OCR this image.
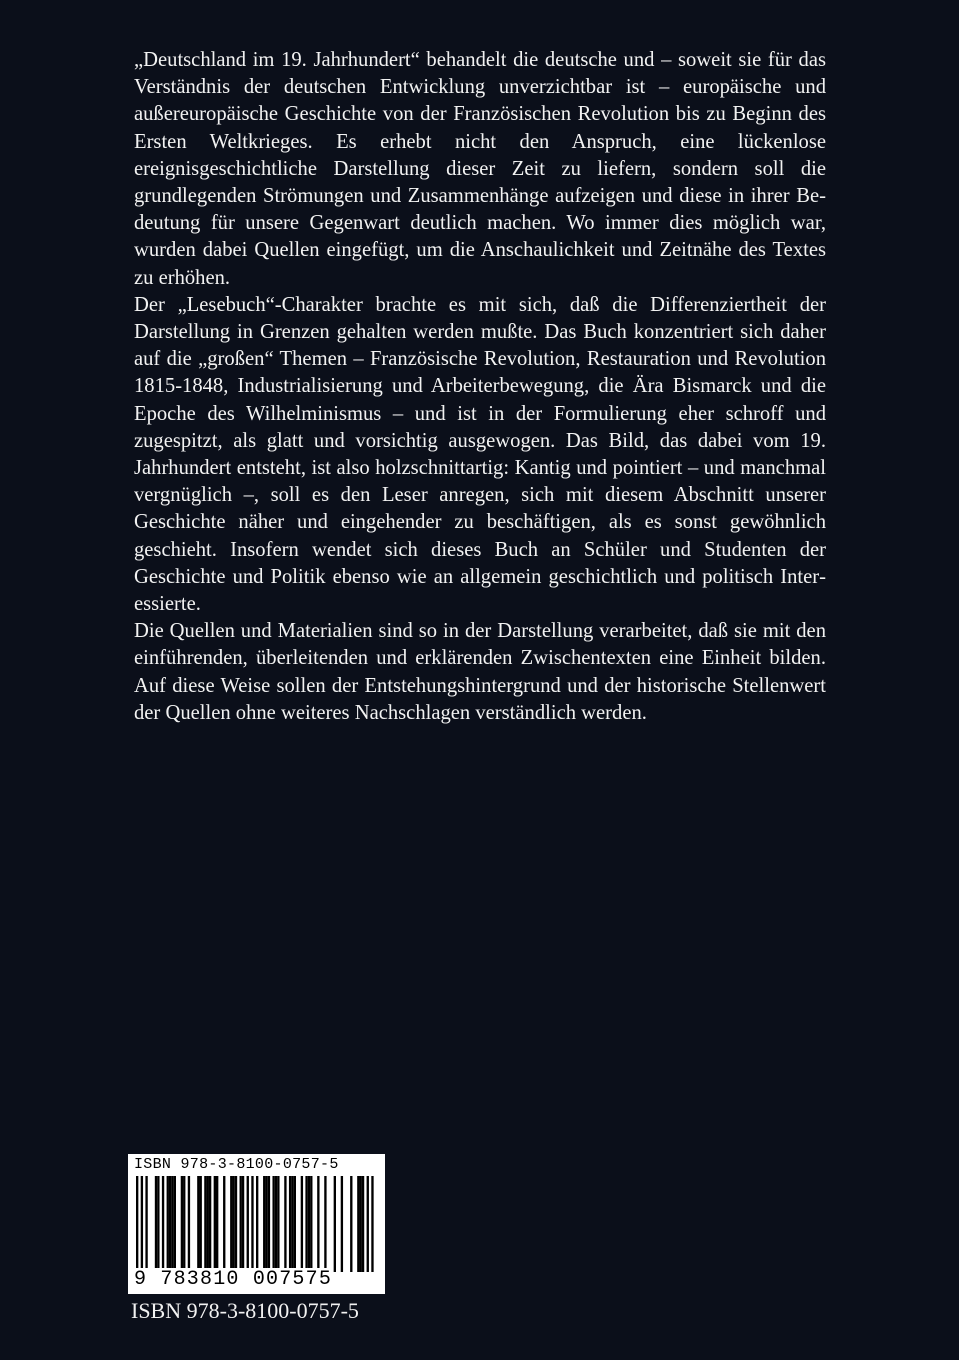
„Deutschland im 19. Jahrhundert“ behandelt die deutsche und – soweit sie für das Verständnis der deutschen Entwicklung unverzichtbar ist – europäische und außereuropäische Geschichte von der Französischen Revolution bis zu Beginn des Ersten Weltkrieges. Es erhebt nicht den Anspruch, eine lückenlose ereignisgeschichtliche Darstellung dieser Zeit zu liefern, sondern soll die grundlegenden Strömungen und Zusammenhänge aufzeigen und diese in ihrer Bedeutung für unsere Gegenwart deutlich machen. Wo immer dies möglich war, wurden dabei Quellen eingefügt, um die Anschaulichkeit und Zeitnähe des Textes zu erhöhen.

Der „Lesebuch“-Charakter brachte es mit sich, daß die Differenziertheit der Darstellung in Grenzen gehalten werden mußte. Das Buch konzentriert sich daher auf die „großen“ Themen – Französische Revolution, Restauration und Revolution 1815-1848, Industrialisierung und Arbeiterbewegung, die Ära Bismarck und die Epoche des Wilhelminismus – und ist in der Formulierung eher schroff und zugespitzt, als glatt und vorsichtig ausgewogen. Das Bild, das dabei vom 19. Jahrhundert entsteht, ist also holzschnittartig: Kantig und pointiert – und manchmal vergnüglich –, soll es den Leser anregen, sich mit diesem Abschnitt unserer Geschichte näher und eingehender zu beschäftigen, als es sonst gewöhnlich geschieht. Insofern wendet sich dieses Buch an Schüler und Studenten der Geschichte und Politik ebenso wie an allgemein geschichtlich und politisch Interessierte.

Die Quellen und Materialien sind so in der Darstellung verarbeitet, daß sie mit den einführenden, überleitenden und erklärenden Zwischentexten eine Einheit bilden. Auf diese Weise sollen der Entstehungshintergrund und der historische Stellenwert der Quellen ohne weiteres Nachschlagen verständlich werden.

ISBN 978-3-8100-0757-5
9 783810 007575
ISBN 978-3-8100-0757-5
